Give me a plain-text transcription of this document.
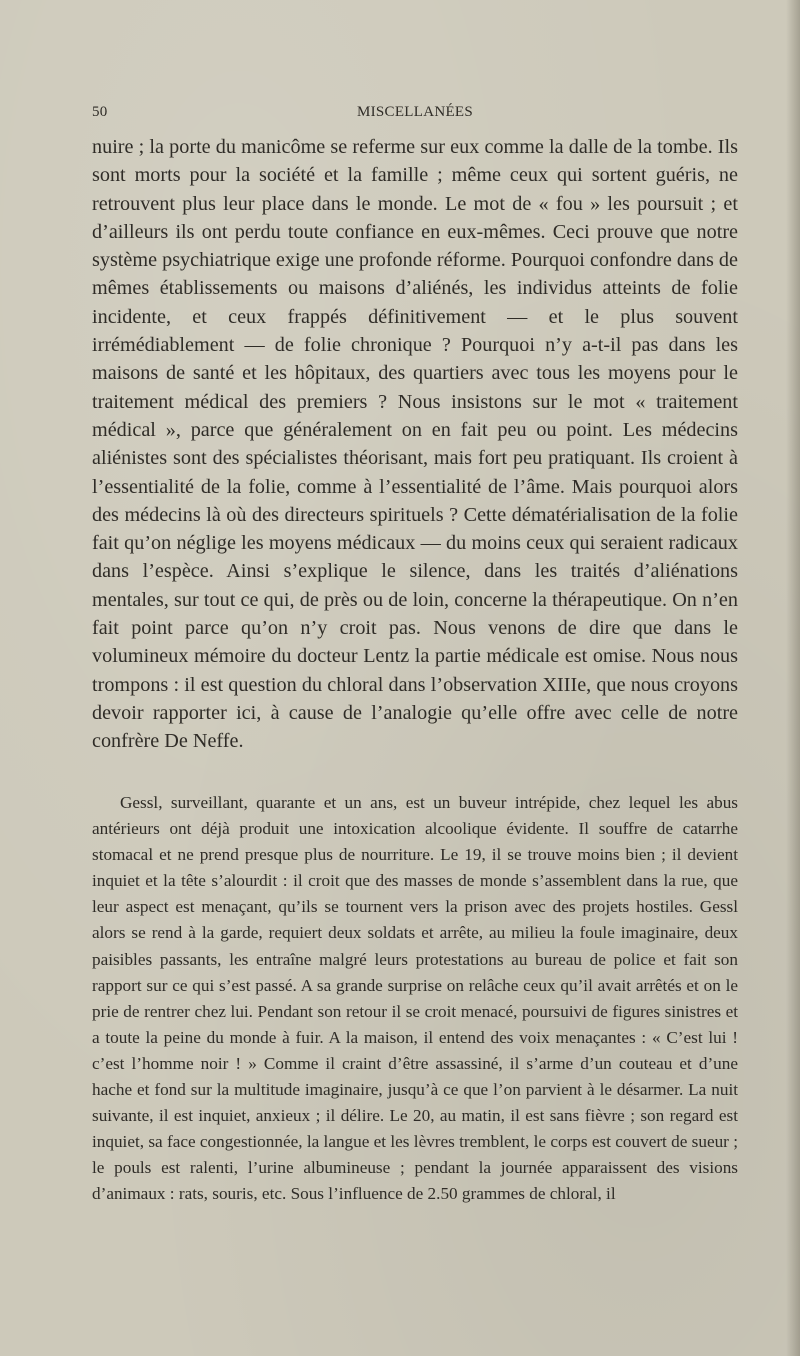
50	MISCELLANÉES

nuire ; la porte du manicôme se referme sur eux comme la dalle de la tombe. Ils sont morts pour la société et la famille ; même ceux qui sortent guéris, ne retrouvent plus leur place dans le monde. Le mot de « fou » les poursuit ; et d’ailleurs ils ont perdu toute confiance en eux-mêmes. Ceci prouve que notre système psychiatrique exige une profonde réforme. Pourquoi confondre dans de mêmes établissements ou maisons d’aliénés, les individus atteints de folie incidente, et ceux frappés définitivement — et le plus souvent irrémédiablement — de folie chronique ? Pourquoi n’y a-t-il pas dans les maisons de santé et les hôpitaux, des quartiers avec tous les moyens pour le traitement médical des premiers ? Nous insistons sur le mot « traitement médical », parce que généralement on en fait peu ou point. Les médecins aliénistes sont des spécialistes théorisant, mais fort peu pratiquant. Ils croient à l’essentialité de la folie, comme à l’essentialité de l’âme. Mais pourquoi alors des médecins là où des directeurs spirituels ? Cette dématérialisation de la folie fait qu’on néglige les moyens médicaux — du moins ceux qui seraient radicaux dans l’espèce. Ainsi s’explique le silence, dans les traités d’aliénations mentales, sur tout ce qui, de près ou de loin, concerne la thérapeutique. On n’en fait point parce qu’on n’y croit pas. Nous venons de dire que dans le volumineux mémoire du docteur Lentz la partie médicale est omise. Nous nous trompons : il est question du chloral dans l’observation XIIIe, que nous croyons devoir rapporter ici, à cause de l’analogie qu’elle offre avec celle de notre confrère De Neffe.

Gessl, surveillant, quarante et un ans, est un buveur intrépide, chez lequel les abus antérieurs ont déjà produit une intoxication alcoolique évidente. Il souffre de catarrhe stomacal et ne prend presque plus de nourriture. Le 19, il se trouve moins bien ; il devient inquiet et la tête s’alourdit : il croit que des masses de monde s’assemblent dans la rue, que leur aspect est menaçant, qu’ils se tournent vers la prison avec des projets hostiles. Gessl alors se rend à la garde, requiert deux soldats et arrête, au milieu la foule imaginaire, deux paisibles passants, les entraîne malgré leurs protestations au bureau de police et fait son rapport sur ce qui s’est passé. A sa grande surprise on relâche ceux qu’il avait arrêtés et on le prie de rentrer chez lui. Pendant son retour il se croit menacé, poursuivi de figures sinistres et a toute la peine du monde à fuir. A la maison, il entend des voix menaçantes : « C’est lui ! c’est l’homme noir ! » Comme il craint d’être assassiné, il s’arme d’un couteau et d’une hache et fond sur la multitude imaginaire, jusqu’à ce que l’on parvient à le désarmer. La nuit suivante, il est inquiet, anxieux ; il délire. Le 20, au matin, il est sans fièvre ; son regard est inquiet, sa face congestionnée, la langue et les lèvres tremblent, le corps est couvert de sueur ; le pouls est ralenti, l’urine albumineuse ; pendant la journée apparaissent des visions d’animaux : rats, souris, etc. Sous l’influence de 2.50 grammes de chloral, il
